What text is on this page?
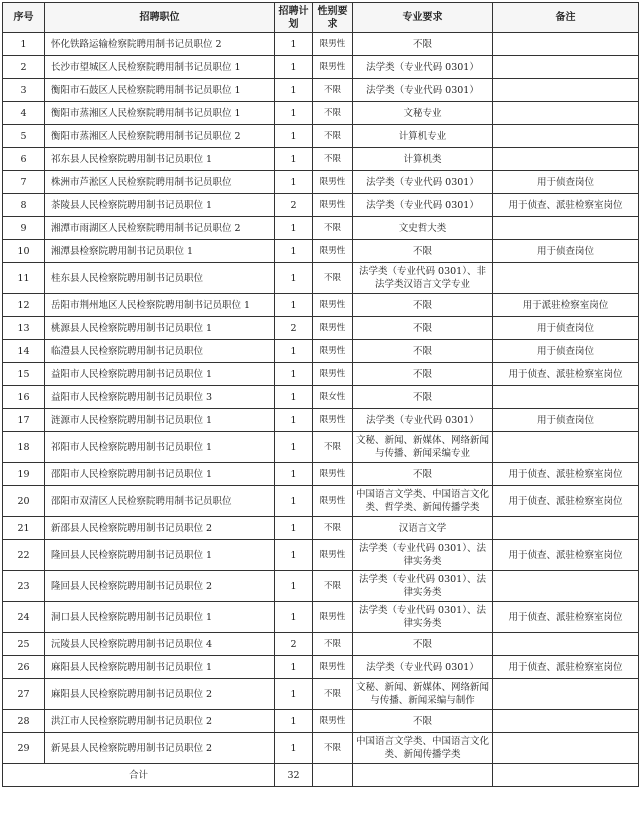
序号	招聘职位	招聘计划	性别要求	专业要求	备注
1	怀化铁路运输检察院聘用制书记员职位 2	1	限男性	不限	
2	长沙市望城区人民检察院聘用制书记员职位 1	1	限男性	法学类（专业代码 0301）	
3	衡阳市石鼓区人民检察院聘用制书记员职位 1	1	不限	法学类（专业代码 0301）	
4	衡阳市蒸湘区人民检察院聘用制书记员职位 1	1	不限	文秘专业	
5	衡阳市蒸湘区人民检察院聘用制书记员职位 2	1	不限	计算机专业	
6	祁东县人民检察院聘用制书记员职位 1	1	不限	计算机类	
7	株洲市芦淞区人民检察院聘用制书记员职位	1	限男性	法学类（专业代码 0301）	用于侦查岗位
8	茶陵县人民检察院聘用制书记员职位 1	2	限男性	法学类（专业代码 0301）	用于侦查、派驻检察室岗位
9	湘潭市雨湖区人民检察院聘用制书记员职位 2	1	不限	文史哲大类	
10	湘潭县检察院聘用制书记员职位 1	1	限男性	不限	用于侦查岗位
11	桂东县人民检察院聘用制书记员职位	1	不限	法学类（专业代码 0301）、非法学类汉语言文学专业	
12	岳阳市荆州地区人民检察院聘用制书记员职位 1	1	限男性	不限	用于派驻检察室岗位
13	桃源县人民检察院聘用制书记员职位 1	2	限男性	不限	用于侦查岗位
14	临澧县人民检察院聘用制书记员职位	1	限男性	不限	用于侦查岗位
15	益阳市人民检察院聘用制书记员职位 1	1	限男性	不限	用于侦查、派驻检察室岗位
16	益阳市人民检察院聘用制书记员职位 3	1	限女性	不限	
17	涟源市人民检察院聘用制书记员职位 1	1	限男性	法学类（专业代码 0301）	用于侦查岗位
18	祁阳市人民检察院聘用制书记员职位 1	1	不限	文秘、新闻、新媒体、网络新闻与传播、新闻采编专业	
19	邵阳市人民检察院聘用制书记员职位 1	1	限男性	不限	用于侦查、派驻检察室岗位
20	邵阳市双清区人民检察院聘用制书记员职位	1	限男性	中国语言文学类、中国语言文化类、哲学类、新闻传播学类	用于侦查、派驻检察室岗位
21	新邵县人民检察院聘用制书记员职位 2	1	不限	汉语言文学	
22	隆回县人民检察院聘用制书记员职位 1	1	限男性	法学类（专业代码 0301）、法律实务类	用于侦查、派驻检察室岗位
23	隆回县人民检察院聘用制书记员职位 2	1	不限	法学类（专业代码 0301）、法律实务类	
24	洞口县人民检察院聘用制书记员职位 1	1	限男性	法学类（专业代码 0301）、法律实务类	用于侦查、派驻检察室岗位
25	沅陵县人民检察院聘用制书记员职位 4	2	不限	不限	
26	麻阳县人民检察院聘用制书记员职位 1	1	限男性	法学类（专业代码 0301）	用于侦查、派驻检察室岗位
27	麻阳县人民检察院聘用制书记员职位 2	1	不限	文秘、新闻、新媒体、网络新闻与传播、新闻采编与制作	
28	洪江市人民检察院聘用制书记员职位 2	1	限男性	不限	
29	新晃县人民检察院聘用制书记员职位 2	1	不限	中国语言文学类、中国语言文化类、新闻传播学类	
合计		32			
